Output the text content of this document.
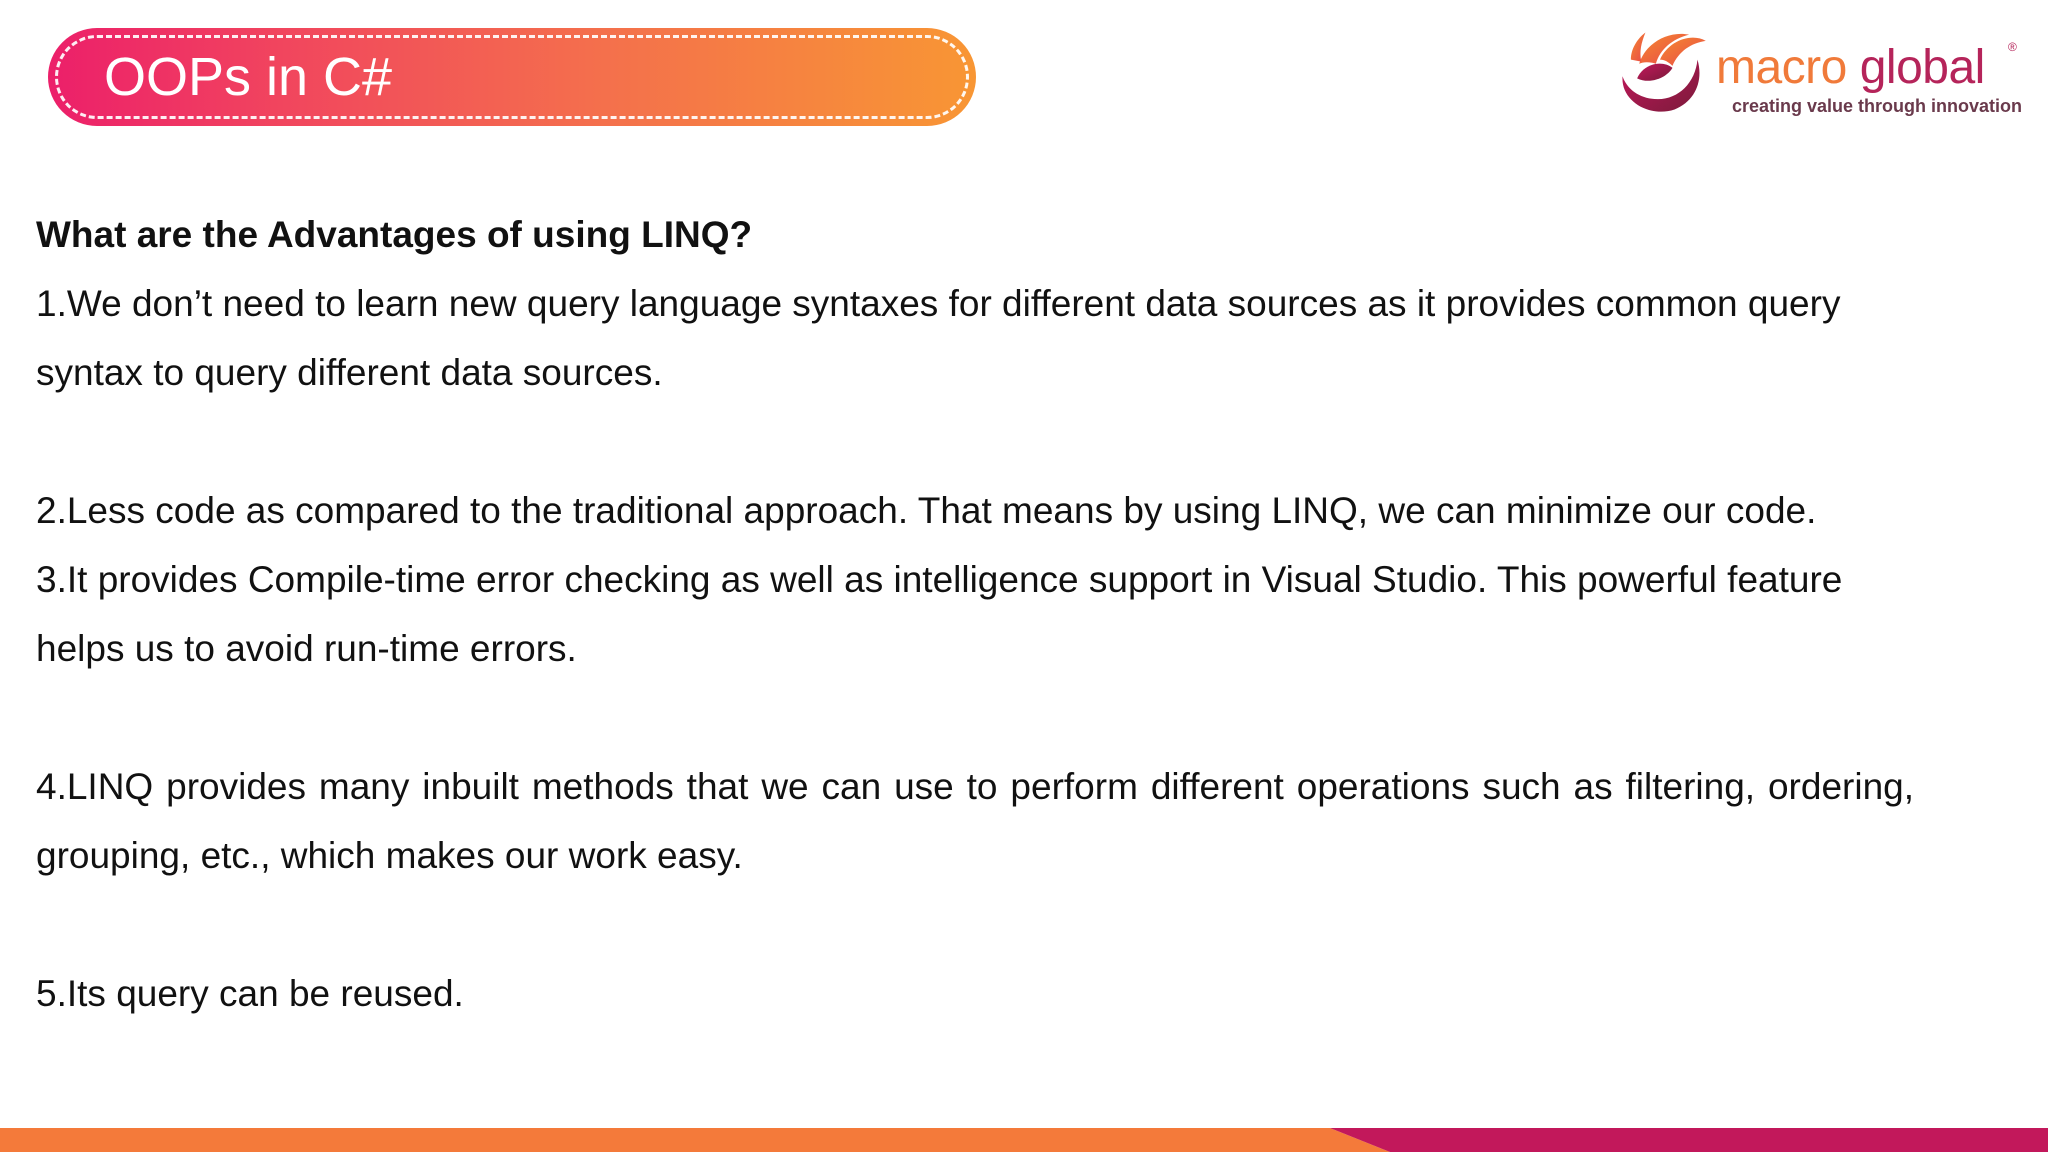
OOPs in C#	macro global ®
creating value through innovation

What are the Advantages of using LINQ?

1.We don’t need to learn new query language syntaxes for different data sources as it provides common query syntax to query different data sources.

2.Less code as compared to the traditional approach. That means by using LINQ, we can minimize our code.

3.It provides Compile-time error checking as well as intelligence support in Visual Studio. This powerful feature helps us to avoid run-time errors.

4.LINQ provides many inbuilt methods that we can use to perform different operations such as filtering, ordering, grouping, etc., which makes our work easy.

5.Its query can be reused.
